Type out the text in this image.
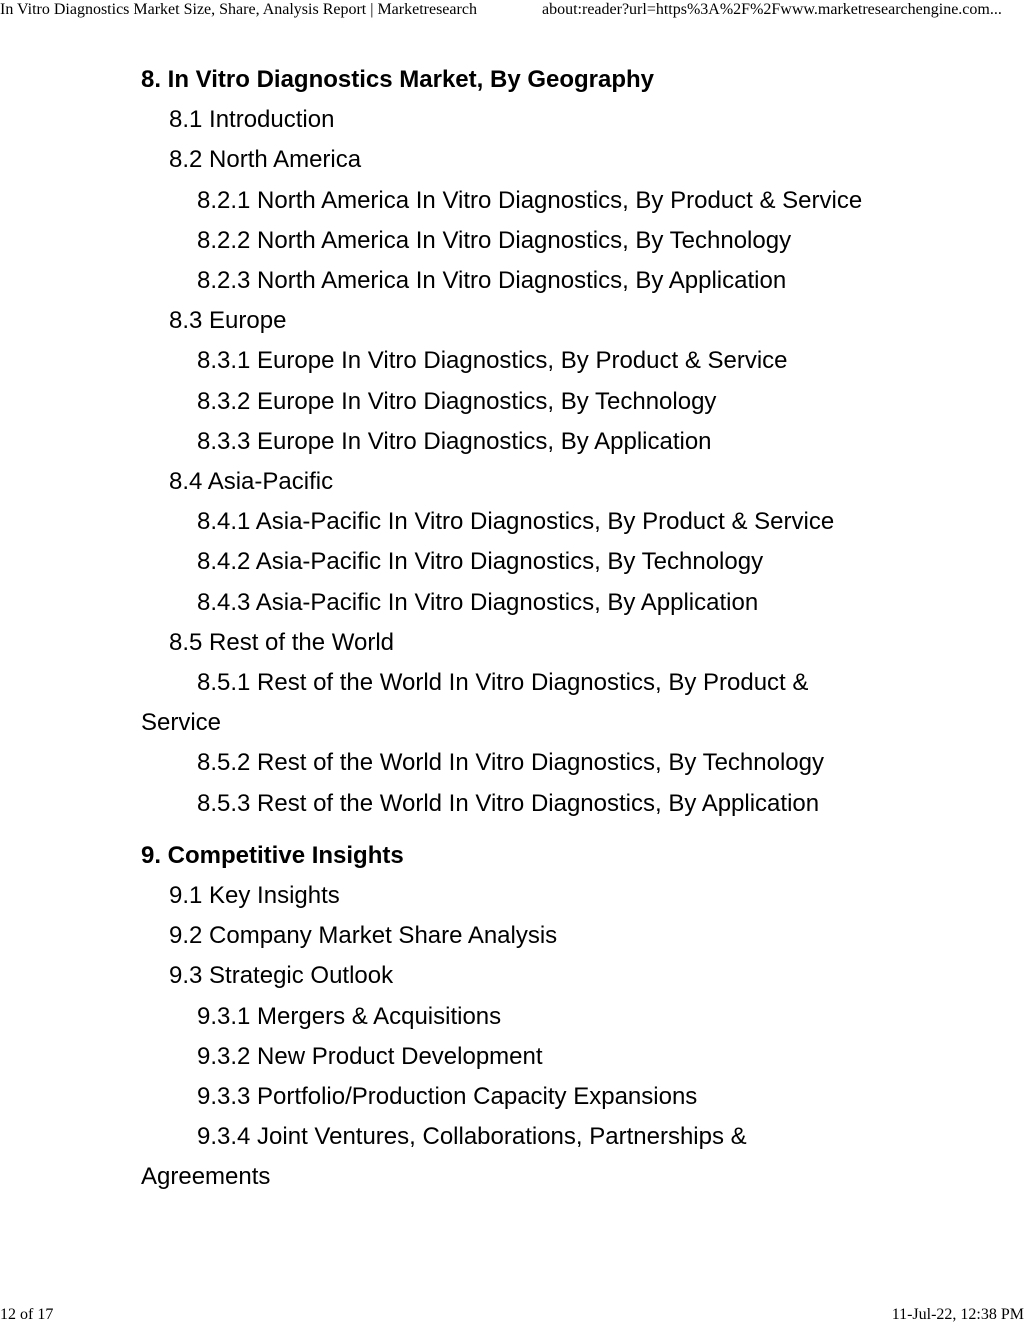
In Vitro Diagnostics Market Size, Share, Analysis Report | Marketresearch	about:reader?url=https%3A%2F%2Fwww.marketresearchengine.com...
8. In Vitro Diagnostics Market, By Geography
8.1 Introduction
8.2 North America
8.2.1 North America In Vitro Diagnostics, By Product & Service
8.2.2 North America In Vitro Diagnostics, By Technology
8.2.3 North America In Vitro Diagnostics, By Application
8.3 Europe
8.3.1 Europe In Vitro Diagnostics, By Product & Service
8.3.2 Europe In Vitro Diagnostics, By Technology
8.3.3 Europe In Vitro Diagnostics, By Application
8.4 Asia-Pacific
8.4.1 Asia-Pacific In Vitro Diagnostics, By Product & Service
8.4.2 Asia-Pacific In Vitro Diagnostics, By Technology
8.4.3 Asia-Pacific In Vitro Diagnostics, By Application
8.5 Rest of the World
8.5.1 Rest of the World In Vitro Diagnostics, By Product & Service
8.5.2 Rest of the World In Vitro Diagnostics, By Technology
8.5.3 Rest of the World In Vitro Diagnostics, By Application
9. Competitive Insights
9.1 Key Insights
9.2 Company Market Share Analysis
9.3 Strategic Outlook
9.3.1 Mergers & Acquisitions
9.3.2 New Product Development
9.3.3 Portfolio/Production Capacity Expansions
9.3.4 Joint Ventures, Collaborations, Partnerships & Agreements
12 of 17	11-Jul-22, 12:38 PM
